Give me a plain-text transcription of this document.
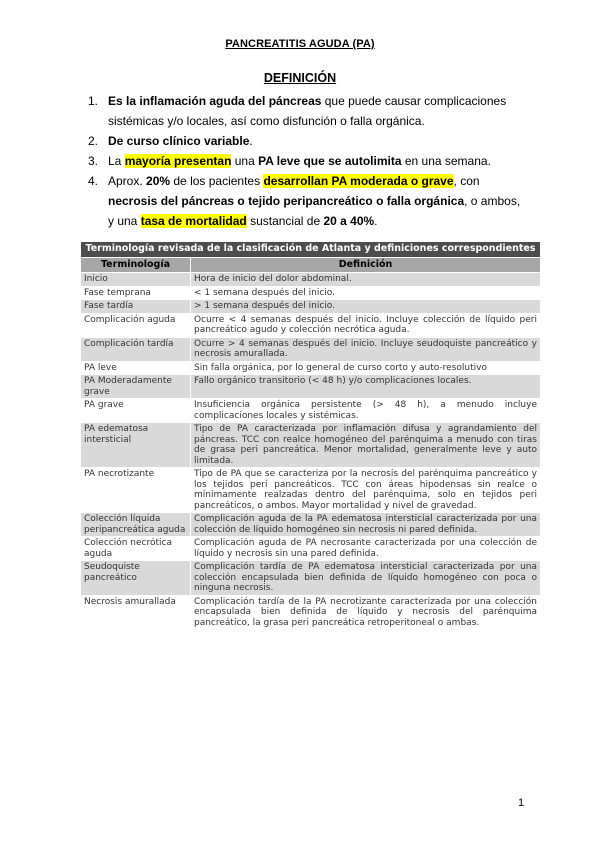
PANCREATITIS AGUDA (PA)
DEFINICIÓN
1. Es la inflamación aguda del páncreas que puede causar complicaciones
sistémicas y/o locales, así como disfunción o falla orgánica.
2. De curso clínico variable.
3. La mayoría presentan una PA leve que se autolimita en una semana.
4. Aprox. 20% de los pacientes desarrollan PA moderada o grave, con
necrosis del páncreas o tejido peripancreático o falla orgánica, o ambos,
y una tasa de mortalidad sustancial de 20 a 40%.
Terminología revisada de la clasificación de Atlanta y definiciones correspondientes	
Terminología	Definición
Inicio	Hora de inicio del dolor abdominal.
Fase temprana	< 1 semana después del inicio.
Fase tardía	> 1 semana después del inicio.
Complicación aguda	Ocurre < 4 semanas después del inicio. Incluye colección de líquido peri pancreático agudo y colección necrótica aguda.
Complicación tardía	Ocurre > 4 semanas después del inicio. Incluye seudoquiste pancreático y necrosis amurallada.
PA leve	Sin falla orgánica, por lo general de curso corto y auto-resolutivo
PA Moderadamente grave	Fallo orgánico transitorio (< 48 h) y/o complicaciones locales.
PA grave	Insuficiencia orgánica persistente (> 48 h), a menudo incluye complicaciones locales y sistémicas.
PA edematosa intersticial	Tipo de PA caracterizada por inflamación difusa y agrandamiento del páncreas. TCC con realce homogéneo del parénquima a menudo con tiras de grasa peri pancreática. Menor mortalidad, generalmente leve y auto limitada.
PA necrotizante	Tipo de PA que se caracteriza por la necrosis del parénquima pancreático y los tejidos peri pancreáticos. TCC con áreas hipodensas sin realce o mínimamente realzadas dentro del parénquima, solo en tejidos peri pancreáticos, o ambos. Mayor mortalidad y nivel de gravedad.
Colección líquida peripancreática aguda	Complicación aguda de la PA edematosa intersticial caracterizada por una colección de líquido homogéneo sin necrosis ni pared definida.
Colección necrótica aguda	Complicación aguda de PA necrosante caracterizada por una colección de líquido y necrosis sin una pared definida.
Seudoquiste pancreático	Complicación tardía de PA edematosa intersticial caracterizada por una colección encapsulada bien definida de líquido homogéneo con poca o ninguna necrosis.
Necrosis amurallada	Complicación tardía de la PA necrotizante caracterizada por una colección encapsulada bien definida de líquido y necrosis del parénquima pancreático, la grasa peri pancreática retroperitoneal o ambas.
1
